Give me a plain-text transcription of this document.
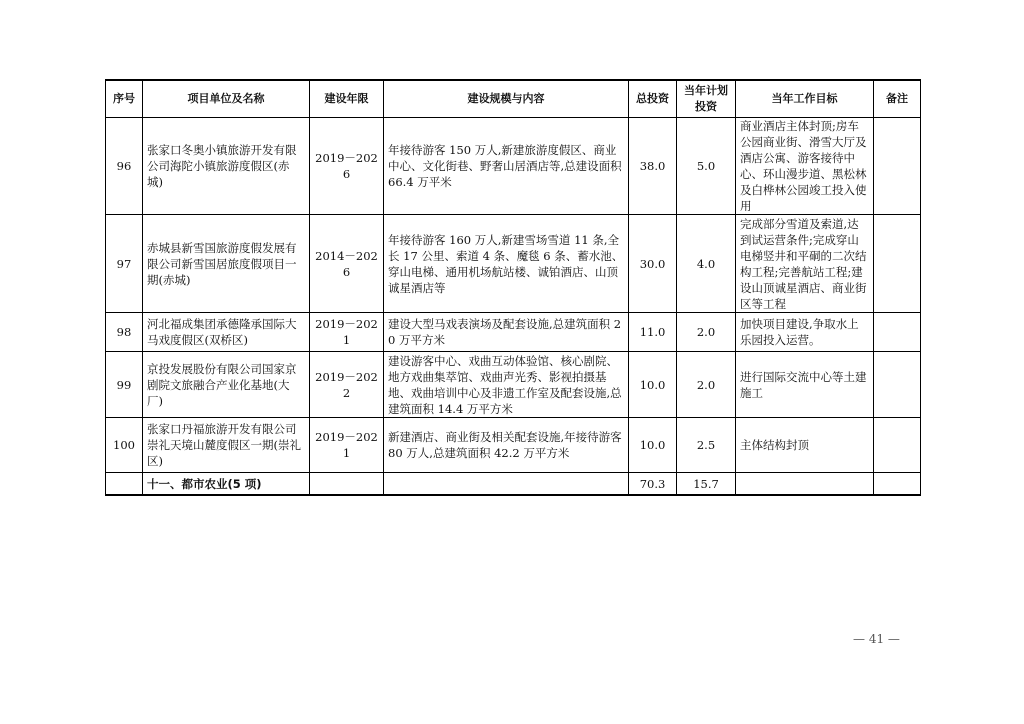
序号	项目单位及名称	建设年限	建设规模与内容	总投资	当年计划投资	当年工作目标	备注
96	张家口冬奥小镇旅游开发有限公司海陀小镇旅游度假区(赤城)	2019－2026	年接待游客 150 万人,新建旅游度假区、商业中心、文化街巷、野奢山居酒店等,总建设面积 66.4 万平米	38.0	5.0	商业酒店主体封顶;房车公园商业街、滑雪大厅及酒店公寓、游客接待中心、环山漫步道、黑松林及白桦林公园竣工投入使用	
97	赤城县新雪国旅游度假发展有限公司新雪国居旅度假项目一期(赤城)	2014－2026	年接待游客 160 万人,新建雪场雪道 11 条,全长 17 公里、索道 4 条、魔毯 6 条、蓄水池、穿山电梯、通用机场航站楼、诚铂酒店、山顶诚星酒店等	30.0	4.0	完成部分雪道及索道,达到试运营条件;完成穿山电梯竖井和平硐的二次结构工程;完善航站工程;建设山顶诚星酒店、商业街区等工程	
98	河北福成集团承德隆承国际大马戏度假区(双桥区)	2019－2021	建设大型马戏表演场及配套设施,总建筑面积 20 万平方米	11.0	2.0	加快项目建设,争取水上乐园投入运营。	
99	京投发展股份有限公司国家京剧院文旅融合产业化基地(大厂)	2019－2022	建设游客中心、戏曲互动体验馆、核心剧院、地方戏曲集萃馆、戏曲声光秀、影视拍摄基地、戏曲培训中心及非遗工作室及配套设施,总建筑面积 14.4 万平方米	10.0	2.0	进行国际交流中心等土建施工	
100	张家口丹福旅游开发有限公司崇礼天境山麓度假区一期(崇礼区)	2019－2021	新建酒店、商业街及相关配套设施,年接待游客 80 万人,总建筑面积 42.2 万平方米	10.0	2.5	主体结构封顶	
	十一、都市农业(5 项)			70.3	15.7		
— 41 —
